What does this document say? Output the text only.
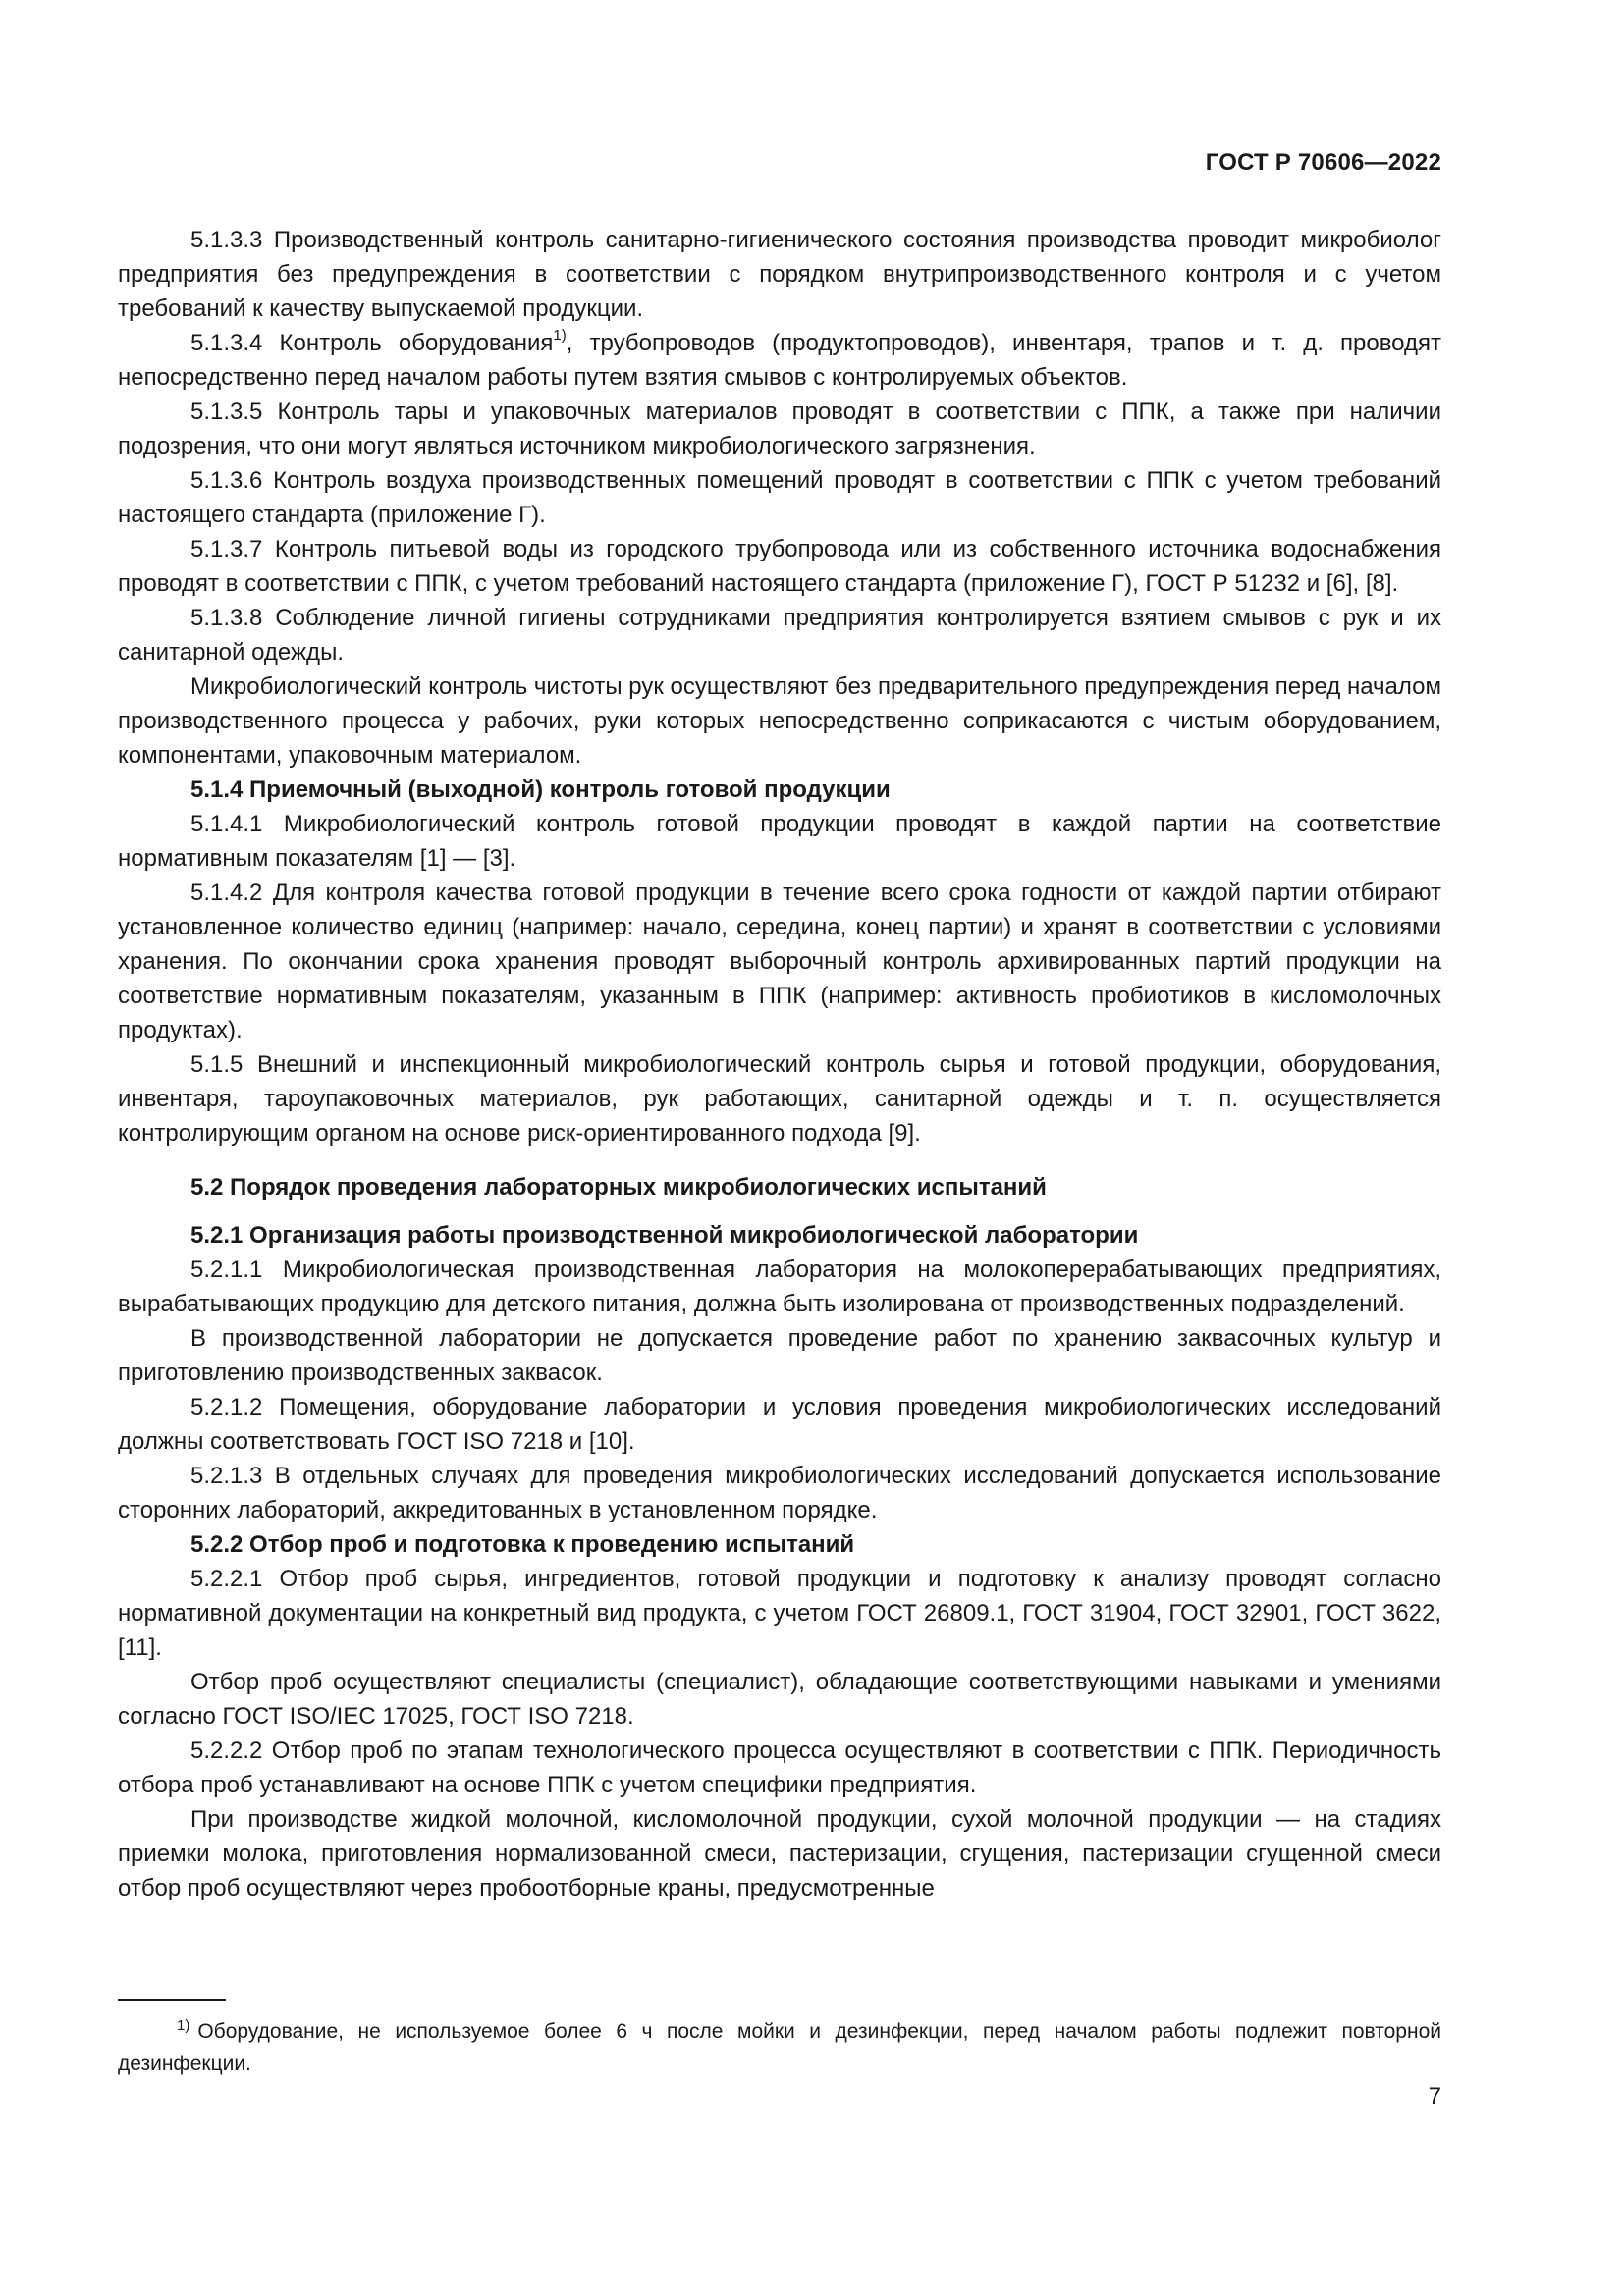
ГОСТ Р 70606—2022

5.1.3.3 Производственный контроль санитарно-гигиенического состояния производства проводит микробиолог предприятия без предупреждения в соответствии с порядком внутрипроизводственного контроля и с учетом требований к качеству выпускаемой продукции.

5.1.3.4 Контроль оборудования$^{1)}$, трубопроводов (продуктопроводов), инвентаря, трапов и т. д. проводят непосредственно перед началом работы путем взятия смывов с контролируемых объектов.

5.1.3.5 Контроль тары и упаковочных материалов проводят в соответствии с ППК, а также при наличии подозрения, что они могут являться источником микробиологического загрязнения.

5.1.3.6 Контроль воздуха производственных помещений проводят в соответствии с ППК с учетом требований настоящего стандарта (приложение Г).

5.1.3.7 Контроль питьевой воды из городского трубопровода или из собственного источника водоснабжения проводят в соответствии с ППК, с учетом требований настоящего стандарта (приложение Г), ГОСТ Р 51232 и [6], [8].

5.1.3.8 Соблюдение личной гигиены сотрудниками предприятия контролируется взятием смывов с рук и их санитарной одежды.

Микробиологический контроль чистоты рук осуществляют без предварительного предупреждения перед началом производственного процесса у рабочих, руки которых непосредственно соприкасаются с чистым оборудованием, компонентами, упаковочным материалом.

5.1.4 Приемочный (выходной) контроль готовой продукции

5.1.4.1 Микробиологический контроль готовой продукции проводят в каждой партии на соответствие нормативным показателям [1] — [3].

5.1.4.2 Для контроля качества готовой продукции в течение всего срока годности от каждой партии отбирают установленное количество единиц (например: начало, середина, конец партии) и хранят в соответствии с условиями хранения. По окончании срока хранения проводят выборочный контроль архивированных партий продукции на соответствие нормативным показателям, указанным в ППК (например: активность пробиотиков в кисломолочных продуктах).

5.1.5 Внешний и инспекционный микробиологический контроль сырья и готовой продукции, оборудования, инвентаря, тароупаковочных материалов, рук работающих, санитарной одежды и т. п. осуществляется контролирующим органом на основе риск-ориентированного подхода [9].

5.2 Порядок проведения лабораторных микробиологических испытаний

5.2.1 Организация работы производственной микробиологической лаборатории

5.2.1.1 Микробиологическая производственная лаборатория на молокоперерабатывающих предприятиях, вырабатывающих продукцию для детского питания, должна быть изолирована от производственных подразделений.

В производственной лаборатории не допускается проведение работ по хранению заквасочных культур и приготовлению производственных заквасок.

5.2.1.2 Помещения, оборудование лаборатории и условия проведения микробиологических исследований должны соответствовать ГОСТ ISO 7218 и [10].

5.2.1.3 В отдельных случаях для проведения микробиологических исследований допускается использование сторонних лабораторий, аккредитованных в установленном порядке.

5.2.2 Отбор проб и подготовка к проведению испытаний

5.2.2.1 Отбор проб сырья, ингредиентов, готовой продукции и подготовку к анализу проводят согласно нормативной документации на конкретный вид продукта, с учетом ГОСТ 26809.1, ГОСТ 31904, ГОСТ 32901, ГОСТ 3622, [11].

Отбор проб осуществляют специалисты (специалист), обладающие соответствующими навыками и умениями согласно ГОСТ ISO/IEC 17025, ГОСТ ISO 7218.

5.2.2.2 Отбор проб по этапам технологического процесса осуществляют в соответствии с ППК. Периодичность отбора проб устанавливают на основе ППК с учетом специфики предприятия.

При производстве жидкой молочной, кисломолочной продукции, сухой молочной продукции — на стадиях приемки молока, приготовления нормализованной смеси, пастеризации, сгущения, пастеризации сгущенной смеси отбор проб осуществляют через пробоотборные краны, предусмотренные

1) Оборудование, не используемое более 6 ч после мойки и дезинфекции, перед началом работы подлежит повторной дезинфекции.
7
